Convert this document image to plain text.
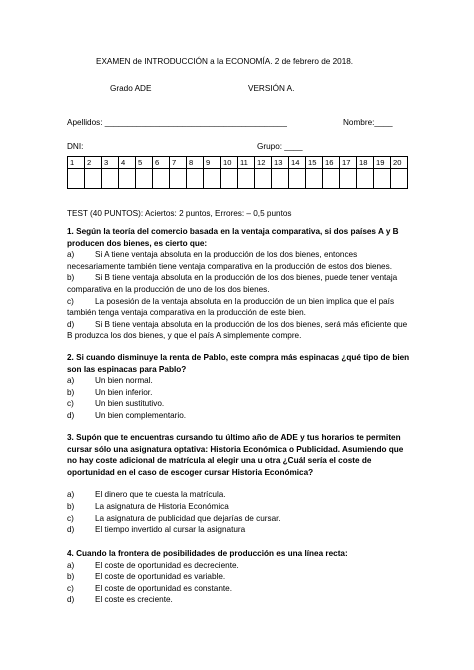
EXAMEN de INTRODUCCIÓN a la ECONOMÍA. 2 de febrero de 2018.
Grado ADE	VERSIÓN A.
Apellidos: ________________________________________	Nombre:____
DNI:	Grupo: ____
1	2	3	4	5	6	7	8	9	10	11	12	13	14	15	16	17	18	19	20

TEST (40 PUNTOS): Aciertos: 2 puntos, Errores: – 0,5 puntos
1. Según la teoría del comercio basada en la ventaja comparativa, si dos países A y B producen dos bienes, es cierto que:
a)	Si A tiene ventaja absoluta en la producción de los dos bienes, entonces necesariamente también tiene ventaja comparativa en la producción de estos dos bienes.
b)	Si B tiene ventaja absoluta en la producción de los dos bienes, puede tener ventaja comparativa en la producción de uno de los dos bienes.
c)	La posesión de la ventaja absoluta en la producción de un bien implica que el país también tenga ventaja comparativa en la producción de este bien.
d)	Si B tiene ventaja absoluta en la producción de los dos bienes, será más eficiente que B produzca los dos bienes, y que el país A simplemente compre.
2. Si cuando disminuye la renta de Pablo, este compra más espinacas ¿qué tipo de bien son las espinacas para Pablo?
a)	Un bien normal.
b)	Un bien inferior.
c)	Un bien sustitutivo.
d)	Un bien complementario.
3. Supón que te encuentras cursando tu último año de ADE y tus horarios te permiten cursar sólo una asignatura optativa: Historia Económica o Publicidad. Asumiendo que no hay coste adicional de matrícula al elegir una u otra ¿Cuál sería el coste de oportunidad en el caso de escoger cursar Historia Económica?
a)	El dinero que te cuesta la matrícula.
b)	La asignatura de Historia Económica
c)	La asignatura de publicidad que dejarías de cursar.
d)	El tiempo invertido al cursar la asignatura
4. Cuando la frontera de posibilidades de producción es una línea recta:
a)	El coste de oportunidad es decreciente.
b)	El coste de oportunidad es variable.
c)	El coste de oportunidad es constante.
d)	El coste es creciente.
